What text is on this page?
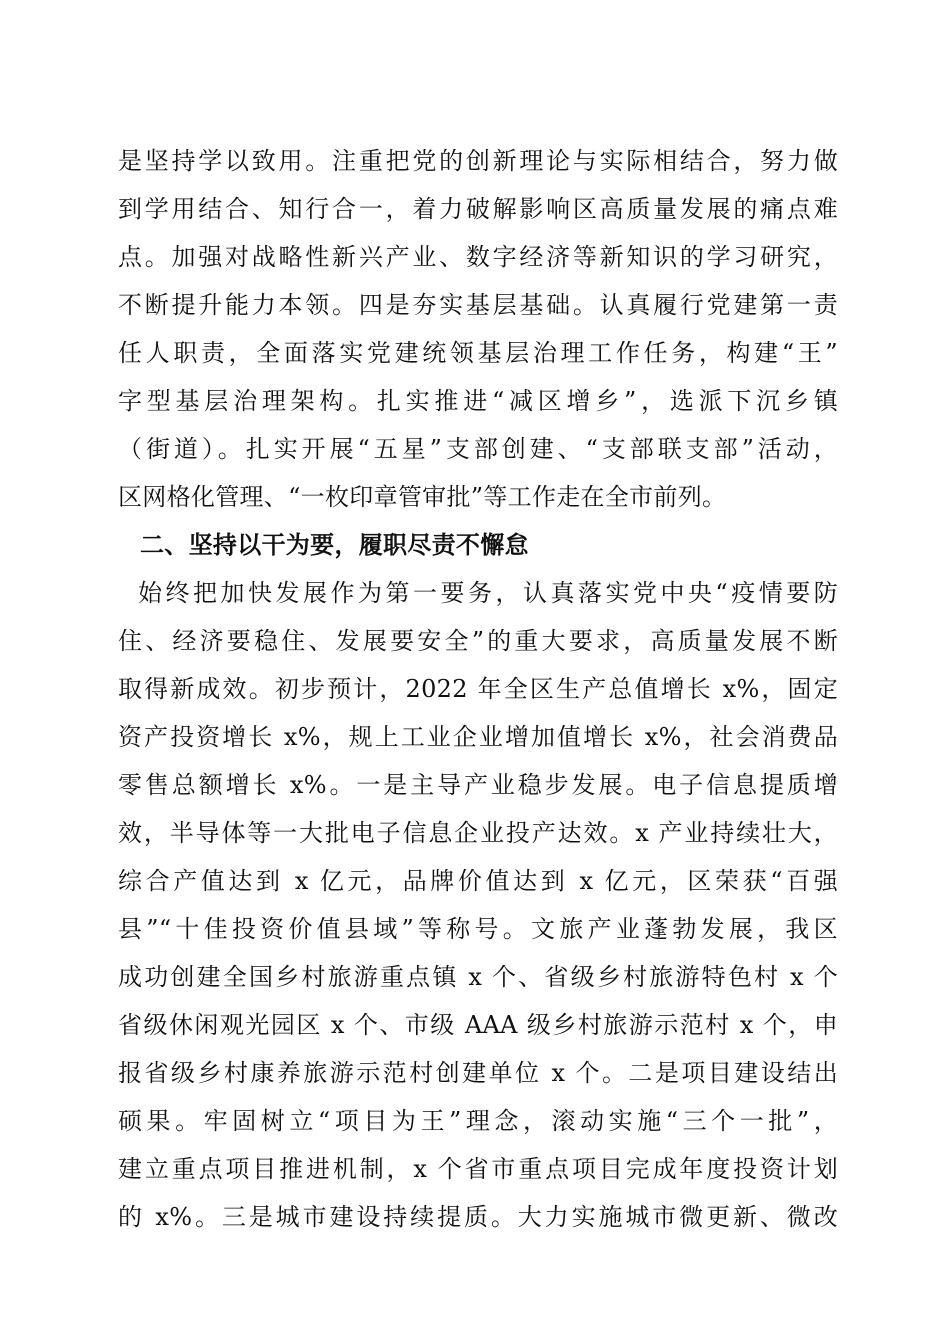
是坚持学以致用。注重把党的创新理论与实际相结合，努力做
到学用结合、知行合一，着力破解影响区高质量发展的痛点难
点。加强对战略性新兴产业、数字经济等新知识的学习研究，
不断提升能力本领。四是夯实基层基础。认真履行党建第一责
任人职责，全面落实党建统领基层治理工作任务，构建“王”
字型基层治理架构。扎实推进“减区增乡”，选派下沉乡镇
（街道）。扎实开展“五星”支部创建、“支部联支部”活动，
区网格化管理、“一枚印章管审批”等工作走在全市前列。
二、坚持以干为要，履职尽责不懈怠
始终把加快发展作为第一要务，认真落实党中央“疫情要防
住、经济要稳住、发展要安全”的重大要求，高质量发展不断
取得新成效。初步预计，2022 年全区生产总值增长 x%，固定
资产投资增长 x%，规上工业企业增加值增长 x%，社会消费品
零售总额增长 x%。一是主导产业稳步发展。电子信息提质增
效，半导体等一大批电子信息企业投产达效。x 产业持续壮大，
综合产值达到 x 亿元，品牌价值达到 x 亿元，区荣获“百强
县”“十佳投资价值县域”等称号。文旅产业蓬勃发展，我区
成功创建全国乡村旅游重点镇 x 个、省级乡村旅游特色村 x 个
省级休闲观光园区 x 个、市级 AAA 级乡村旅游示范村 x 个，申
报省级乡村康养旅游示范村创建单位 x 个。二是项目建设结出
硕果。牢固树立“项目为王”理念，滚动实施“三个一批”，
建立重点项目推进机制，x 个省市重点项目完成年度投资计划
的 x%。三是城市建设持续提质。大力实施城市微更新、微改
